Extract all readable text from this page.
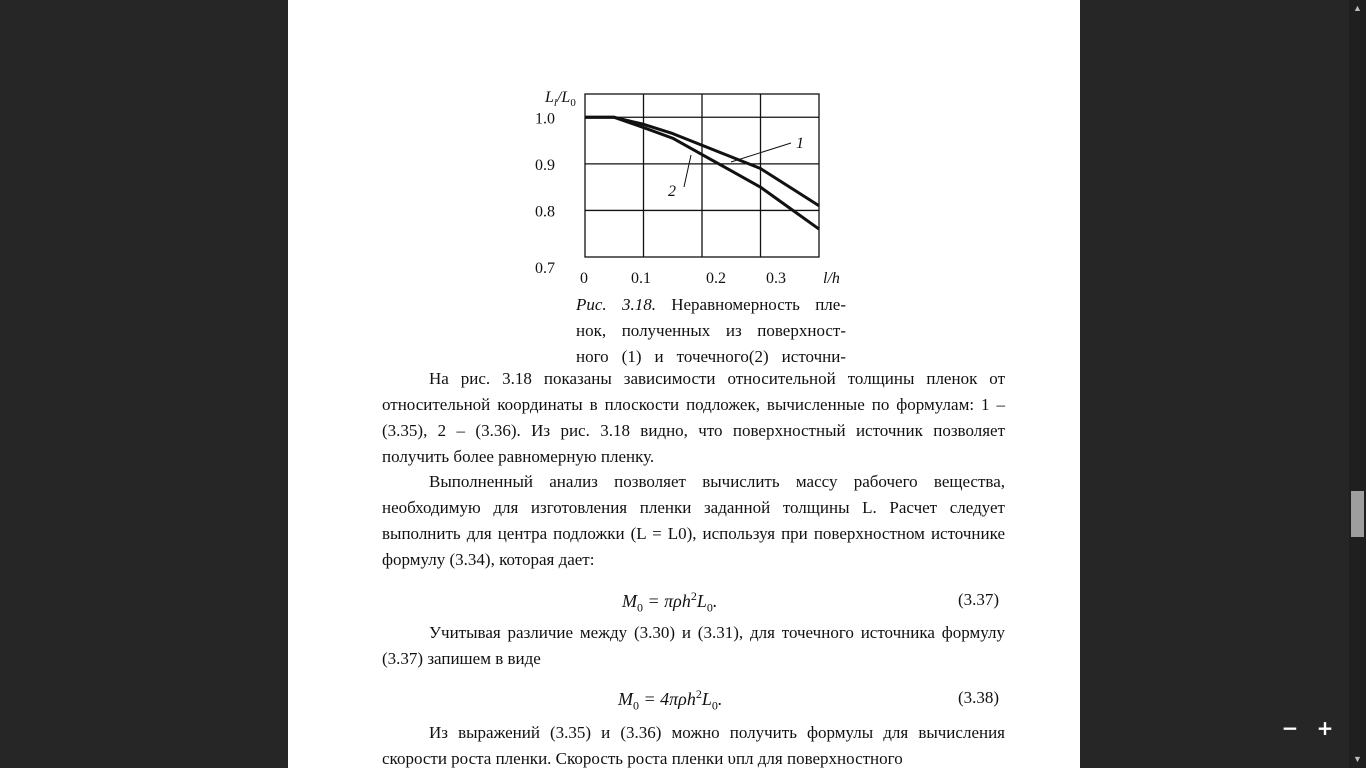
1.0
0.9
0.8
0.7
0	0.1	0.2	0.3
$L_l/L_0$
l/h
1
2
Рис. 3.18. Неравномерность пле-
нок, полученных из поверхност-
ного (1) и точечного(2) источни-
На рис. 3.18 показаны зависимости относительной толщины пленок от относительной координаты в плоскости подложек, вычисленные по формулам: 1 – (3.35), 2 – (3.36). Из рис. 3.18 видно, что поверхностный источник позволяет получить более равномерную пленку.
Выполненный анализ позволяет вычислить массу рабочего вещества, необходимую для изготовления пленки заданной толщины L. Расчет следует выполнить для центра подложки (L = L0), используя при поверхностном источнике формулу (3.34), которая дает:
$M_0 = \pi\rho h^2L_0$.	(3.37)
Учитывая различие между (3.30) и (3.31), для точечного источника формулу (3.37) запишем в виде
$M_0 = 4\pi\rho h^2L_0$.	(3.38)
Из выражений (3.35) и (3.36) можно получить формулы для вычисления скорости роста пленки. Скорость роста пленки υпл для поверхностного
▲
▼
− +
